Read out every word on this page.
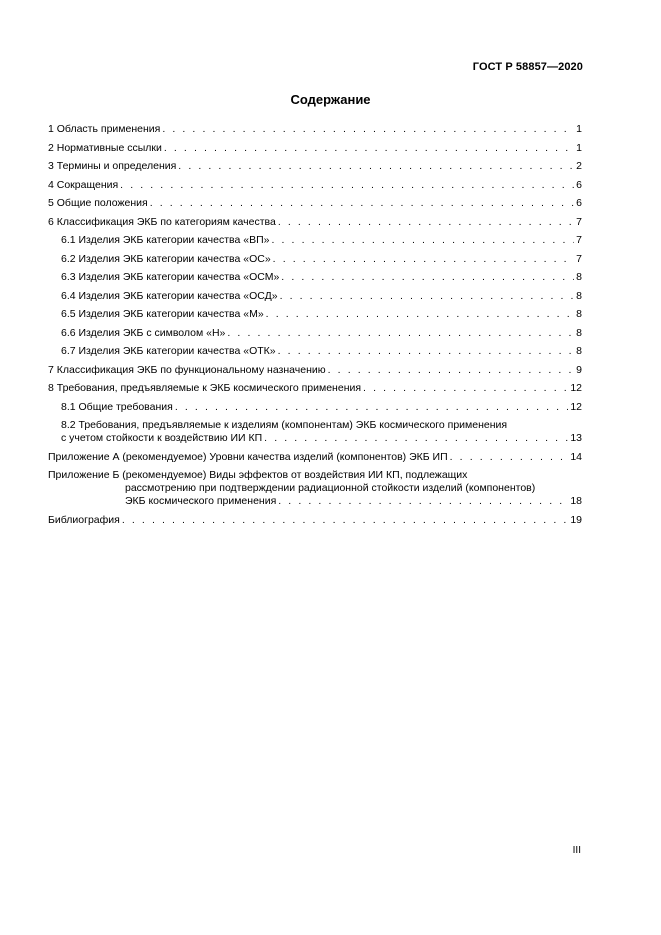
ГОСТ Р 58857—2020
Содержание
1 Область применения . . .	1
2 Нормативные ссылки . . .	1
3 Термины и определения . . .	2
4 Сокращения . . .	6
5 Общие положения . . .	6
6 Классификация ЭКБ по категориям качества . . .	7
6.1 Изделия ЭКБ категории качества «ВП» . . .	7
6.2 Изделия ЭКБ категории качества «ОС» . . .	7
6.3 Изделия ЭКБ категории качества «ОСМ» . . .	8
6.4 Изделия ЭКБ категории качества «ОСД» . . .	8
6.5 Изделия ЭКБ категории качества «М» . . .	8
6.6 Изделия ЭКБ с символом «Н» . . .	8
6.7 Изделия ЭКБ категории качества «ОТК» . . .	8
7 Классификация ЭКБ по функциональному назначению . . .	9
8 Требования, предъявляемые к ЭКБ космического применения . . .	12
8.1 Общие требования . . .	12
8.2 Требования, предъявляемые к изделиям (компонентам) ЭКБ космического применения
с учетом стойкости к воздействию ИИ КП . . .	13
Приложение А (рекомендуемое) Уровни качества изделий (компонентов) ЭКБ ИП . . .	14
Приложение Б (рекомендуемое) Виды эффектов от воздействия ИИ КП, подлежащих
рассмотрению при подтверждении радиационной стойкости изделий (компонентов)
ЭКБ космического применения . . .	18
Библиография . . .	19
III
